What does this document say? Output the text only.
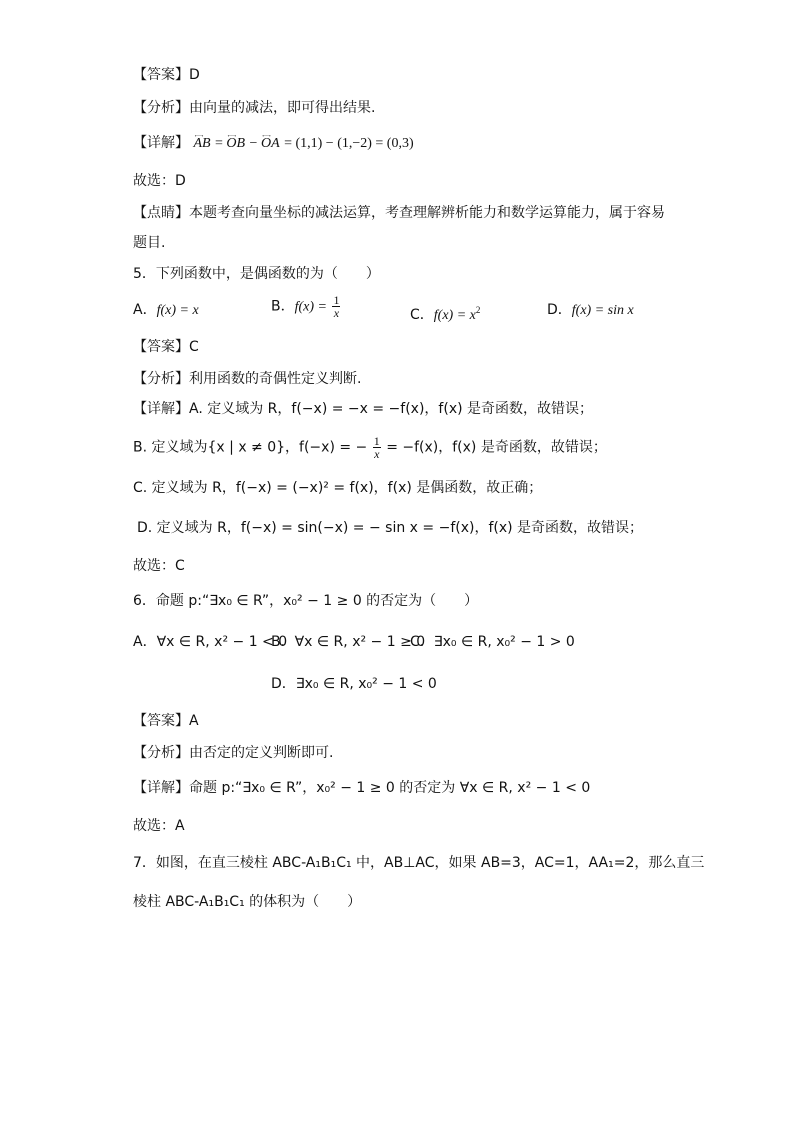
【答案】D
【分析】由向量的减法，即可得出结果.
【详解】 ←→ AB = ←→ OB − ←→ OA = (1,1) − (1,−2) = (0,3)
故选：D
【点睛】本题考查向量坐标的减法运算，考查理解辨析能力和数学运算能力，属于容易
题目.
5．下列函数中，是偶函数的为（　　）
A．f(x) = x	B．$f(x) = \frac{1}{x}$	C．$f(x) = x^2$	D．f(x) = sin x
【答案】C
【分析】利用函数的奇偶性定义判断.
【详解】A. 定义域为 R，f(−x) = −x = −f(x)，f(x) 是奇函数，故错误；
B. 定义域为{x | x ≠ 0}，f(−x) = − $\frac{1}{x} = -f(x)$，f(x) 是奇函数，故错误；
C. 定义域为 R，f(−x) = (−x)² = f(x)，f(x) 是偶函数，故正确；
D. 定义域为 R，f(−x) = sin(−x) = − sin x = −f(x)，f(x) 是奇函数，故错误；
故选：C
6．命题 p:“∃x₀ ∈ R”，x₀² − 1 ≥ 0 的否定为（　　）
A．∀x ∈ R, x² − 1 < 0
B．∀x ∈ R, x² − 1 ≥ 0
C．∃x₀ ∈ R, x₀² − 1 > 0
D．∃x₀ ∈ R, x₀² − 1 < 0
【答案】A
【分析】由否定的定义判断即可.
【详解】命题 p:“∃x₀ ∈ R”，x₀² − 1 ≥ 0 的否定为 ∀x ∈ R, x² − 1 < 0
故选：A
7．如图，在直三棱柱 ABC-A₁B₁C₁ 中，AB⊥AC，如果 AB=3，AC=1，AA₁=2，那么直三
棱柱 ABC-A₁B₁C₁ 的体积为（　　）
